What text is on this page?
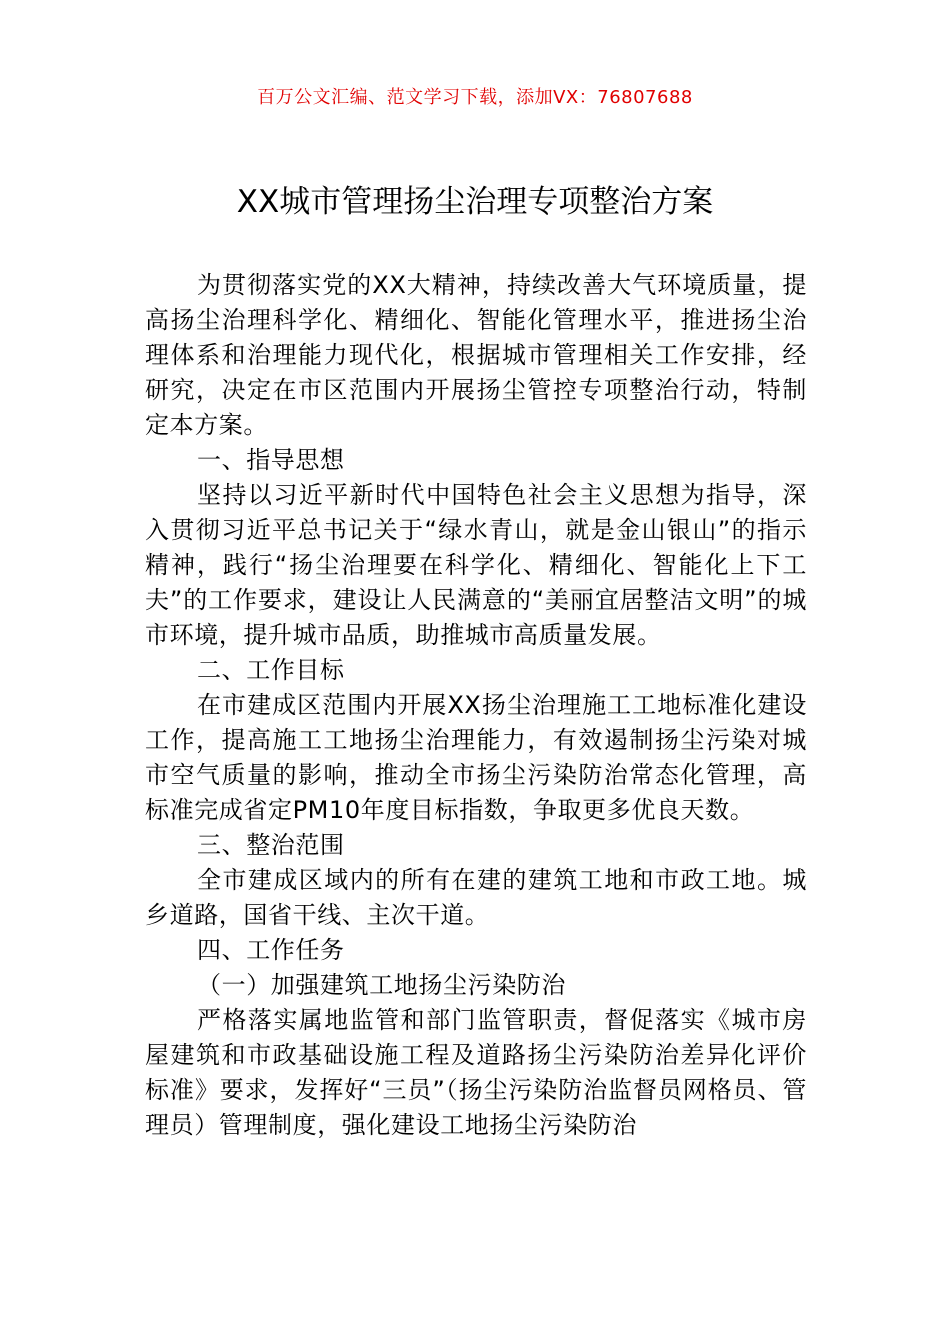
百万公文汇编、范文学习下载，添加VX：76807688
XX城市管理扬尘治理专项整治方案

为贯彻落实党的XX大精神，持续改善大气环境质量，提高扬尘治理科学化、精细化、智能化管理水平，推进扬尘治理体系和治理能力现代化，根据城市管理相关工作安排，经研究，决定在市区范围内开展扬尘管控专项整治行动，特制定本方案。

一、指导思想

坚持以习近平新时代中国特色社会主义思想为指导，深入贯彻习近平总书记关于“绿水青山，就是金山银山”的指示精神，践行“扬尘治理要在科学化、精细化、智能化上下工夫”的工作要求，建设让人民满意的“美丽宜居整洁文明”的城市环境，提升城市品质，助推城市高质量发展。

二、工作目标

在市建成区范围内开展XX扬尘治理施工工地标准化建设工作，提高施工工地扬尘治理能力，有效遏制扬尘污染对城市空气质量的影响，推动全市扬尘污染防治常态化管理，高标准完成省定PM10年度目标指数，争取更多优良天数。

三、整治范围

全市建成区域内的所有在建的建筑工地和市政工地。城乡道路，国省干线、主次干道。

四、工作任务

（一）加强建筑工地扬尘污染防治

严格落实属地监管和部门监管职责，督促落实《城市房屋建筑和市政基础设施工程及道路扬尘污染防治差异化评价标准》要求，发挥好“三员”（扬尘污染防治监督员网格员、管理员）管理制度，强化建设工地扬尘污染防治
